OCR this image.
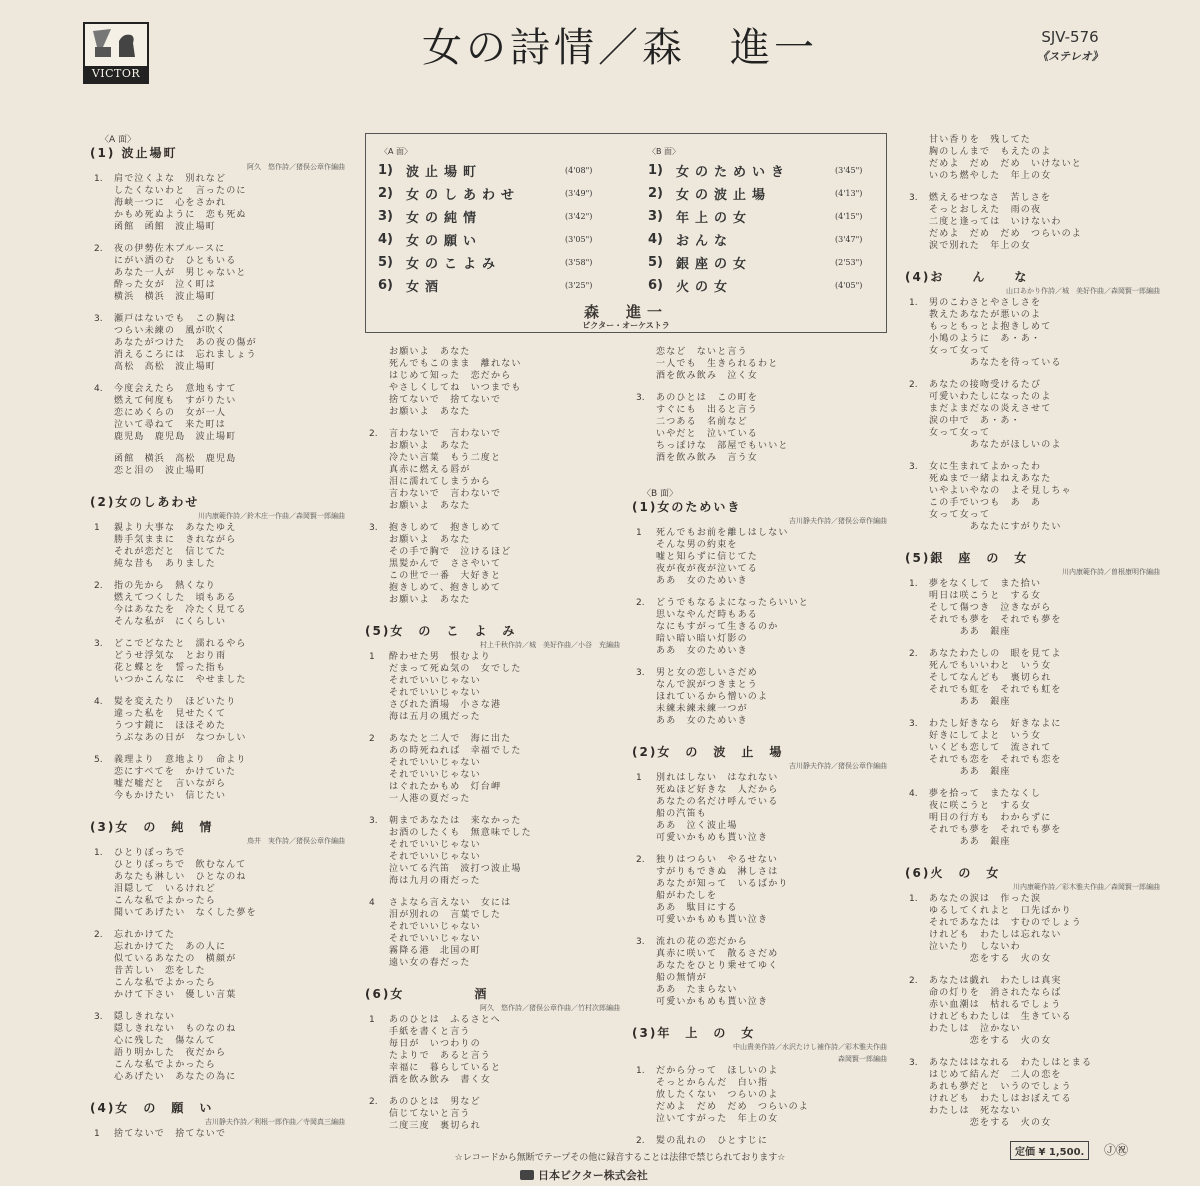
VICTOR
女の詩情／森　進一	SJV-576
《ステレオ》
〈A 面〉	〈B 面〉
1)	波止場町	(4'08")
2)	女のしあわせ	(3'49")
3)	女の純情	(3'42")
4)	女の願い	(3'05")
5)	女のこよみ	(3'58")
6)	女酒	(3'25")
1)	女のためいき	(3'45")
2)	女の波止場	(4'13")
3)	年上の女	(4'15")
4)	おんな	(3'47")
5)	銀座の女	(2'53")
6)	火の女	(4'05")
森　進一
ビクター・オーケストラ
〈A 面〉
(1) 波止場町
阿久　悠作詩／猪俣公章作編曲
1.	肩で泣くよな　別れなど
したくないわと　言ったのに
海峡一つに　心をさかれ
かもめ死ぬように　恋も死ぬ
函館　函館　波止場町
2.	夜の伊勢佐木ブルースに
にがい酒のむ　ひともいる
あなた一人が　男じゃないと
酔った女が　泣く町は
横浜　横浜　波止場町
3.	瀬戸はないでも　この胸は
つらい未練の　風が吹く
あなたがつけた　あの夜の傷が
消えるころには　忘れましょう
高松　高松　波止場町
4.	今度会えたら　意地もすて
燃えて何度も　すがりたい
恋にめくらの　女が一人
泣いて尋ねて　来た町は
鹿児島　鹿児島　波止場町
函館　横浜　高松　鹿児島
恋と泪の　波止場町
(2)女のしあわせ
川内康範作詩／鈴木庄一作曲／森岡賢一郎編曲
1	親より大事な　あなたゆえ
勝手気ままに　きれながら
それが恋だと　信じてた
純な昔も　ありました
2.	指の先から　熱くなり
燃えてつくした　頃もある
今はあなたを　冷たく見てる
そんな私が　にくらしい
3.	どこでどなたと　濡れるやら
どうせ浮気な　とおり雨
花と蝶とを　誓った指も
いつかこんなに　やせました
4.	髪を変えたり　ほどいたり
違った私を　見せたくて
うつす鏡に　ほほそめた
うぶなあの日が　なつかしい
5.	義理より　意地より　命より
恋にすべてを　かけていた
嘘だ嘘だと　言いながら
今もかけたい　信じたい
(3)女　の　純　情
鳥井　実作詩／猪俣公章作編曲
1.	ひとりぼっちで
ひとりぼっちで　飲むなんて
あなたも淋しい　ひとなのね
泪隠して　いるけれど
こんな私でよかったら
聞いてあげたい　なくした夢を
2.	忘れかけてた
忘れかけてた　あの人に
似ているあなたの　横顔が
昔苦しい　恋をした
こんな私でよかったら
かけて下さい　優しい言葉
3.	隠しきれない
隠しきれない　ものなのね
心に残した　傷なんて
語り明かした　夜だから
こんな私でよかったら
心あげたい　あなたの為に
(4)女　の　願　い
吉川静夫作詩／利根一郎作曲／寺岡真三編曲
1	捨てないで　捨てないで
お願いよ　あなた
死んでもこのまま　離れない
はじめて知った　恋だから
やさしくしてね　いつまでも
捨てないで　捨てないで
お願いよ　あなた
2.	言わないで　言わないで
お願いよ　あなた
冷たい言葉　もう二度と
真赤に燃える唇が
泪に濡れてしまうから
言わないで　言わないで
お願いよ　あなた
3.	抱きしめて　抱きしめて
お願いよ　あなた
その手で胸で　泣けるほど
黒髪かんで　ささやいて
この世で一番　大好きと
抱きしめて、抱きしめて
お願いよ　あなた
(5)女　の　こ　よ　み
村上千秋作詩／城　美好作曲／小谷　充編曲
1	酔わせた男　恨むより
だまって死ぬ気の　女でした
それでいいじゃない
それでいいじゃない
さびれた酒場　小さな港
海は五月の風だった
2	あなたと二人で　海に出た
あの時死ねれば　幸福でした
それでいいじゃない
それでいいじゃない
はぐれたかもめ　灯台岬
一人港の夏だった
3.	朝まであなたは　来なかった
お酒のしたくも　無意味でした
それでいいじゃない
それでいいじゃない
泣いてる汽笛　波打つ波止場
海は九月の雨だった
4	さよなら言えない　女には
泪が別れの　言葉でした
それでいいじゃない
それでいいじゃない
霧降る港　北国の町
遠い女の春だった
(6)女　　　　　酒
阿久　悠作詩／猪俣公章作曲／竹村次郎編曲
1	あのひとは　ふるさとへ
手紙を書くと言う
毎日が　いつわりの
たよりで　あると言う
幸福に　暮らしていると
酒を飲み飲み　書く女
2.	あのひとは　男など
信じてないと言う
二度三度　裏切られ
恋など　ないと言う
一人でも　生きられるわと
酒を飲み飲み　泣く女
3.	あのひとは　この町を
すぐにも　出ると言う
二つある　名前など
いやだと　泣いている
ちっぽけな　部屋でもいいと
酒を飲み飲み　言う女
〈B 面〉
(1)女のためいき
吉川静夫作詩／猪俣公章作編曲
1	死んでもお前を離しはしない
そんな男の約束を
嘘と知らずに信じてた
夜が夜が夜が泣いてる
ああ　女のためいき
2.	どうでもなるよになったらいいと
思いなやんだ時もある
なにもすがって生きるのか
暗い暗い暗い灯影の
ああ　女のためいき
3.	男と女の恋しいさだめ
なんで涙がつきまとう
ほれているから憎いのよ
未練未練未練一つが
ああ　女のためいき
(2)女　の　波　止　場
吉川静夫作詩／猪俣公章作編曲
1	別れはしない　はなれない
死ぬほど好きな　人だから
あなたの名だけ呼んでいる
船の汽笛も
ああ　泣く波止場
可愛いかもめも貰い泣き
2.	独りはつらい　やるせない
すがりもできぬ　淋しさは
あなたが知って　いるばかり
船がわたしを
ああ　駄目にする
可愛いかもめも貰い泣き
3.	流れの花の恋だから
真赤に咲いて　散るさだめ
あなたをひとり乗せてゆく
船の無情が
ああ　たまらない
可愛いかもめも貰い泣き
(3)年　上　の　女
中山貴美作詩／水沢たけし補作詩／彩木雅夫作曲
森岡賢一郎編曲
1.	だから分って　ほしいのよ
そっとからんだ　白い指
放したくない　つらいのよ
だめよ　だめ　だめ　つらいのよ
泣いてすがった　年上の女
2.	髪の乱れの　ひとすじに
甘い香りを　残してた
胸のしんまで　もえたのよ
だめよ　だめ　だめ　いけないと
いのち燃やした　年上の女
3.	燃えるせつなさ　苦しさを
そっとおしえた　雨の夜
二度と逢っては　いけないわ
だめよ　だめ　だめ　つらいのよ
涙で別れた　年上の女
(4)お　　ん　　な
山口あかり作詩／城　美好作曲／森岡賢一郎編曲
1.	男のこわさとやさしさを
教えたあなたが悪いのよ
もっともっとよ抱きしめて
小鳩のように　あ・あ・
女って女って
　　　　あなたを待っている
2.	あなたの接吻受けるたび
可愛いわたしになったのよ
まだよまだなの炎えさせて
涙の中で　あ・あ・
女って女って
　　　　あなたがほしいのよ
3.	女に生まれてよかったわ
死ぬまで一緒よねえあなた
いやよいやなの　よそ見しちゃ
この手でいつも　あ　あ
女って女って
　　　　あなたにすがりたい
(5)銀　座　の　女
川内康範作詩／曽根康明作編曲
1.	夢をなくして　また拾い
明日は咲こうと　する女
そして傷つき　泣きながら
それでも夢を　それでも夢を
　　　ああ　銀座
2.	あなたわたしの　眼を見てよ
死んでもいいわと　いう女
そしてなんども　裏切られ
それでも虹を　それでも虹を
　　　ああ　銀座
3.	わたし好きなら　好きなよに
好きにしてよと　いう女
いくども恋して　流されて
それでも恋を　それでも恋を
　　　ああ　銀座
4.	夢を拾って　またなくし
夜に咲こうと　する女
明日の行方も　わからずに
それでも夢を　それでも夢を
　　　ああ　銀座
(6)火　の　女
川内康範作詩／彩木雅夫作曲／森岡賢一郎編曲
1.	あなたの涙は　作った涙
ゆるしてくれよと　口先ばかり
それであなたは　すむのでしょう
けれども　わたしは忘れない
泣いたり　しないわ
　　　　恋をする　火の女
2.	あなたは戯れ　わたしは真実
命の灯りを　消されたならば
赤い血潮は　枯れるでしょう
けれどもわたしは　生きている
わたしは　泣かない
　　　　恋をする　火の女
3.	あなたははなれる　わたしはとまる
はじめて結んだ　二人の恋を
あれも夢だと　いうのでしょう
けれども　わたしはおぼえてる
わたしは　死なない
　　　　恋をする　火の女
☆レコードから無断でテープその他に録音することは法律で禁じられております☆
日本ビクター株式会社
定価 ¥ 1,500.	Ⓙ㊗
